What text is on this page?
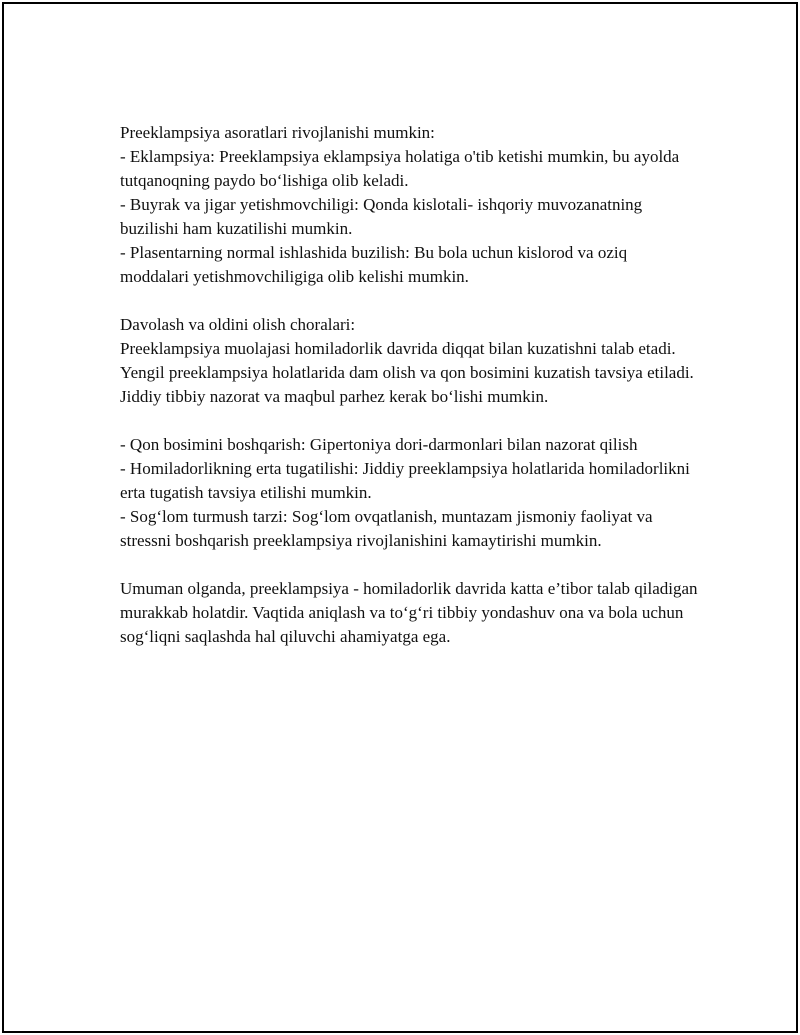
Preeklampsiya asoratlari rivojlanishi mumkin:

- Eklampsiya: Preeklampsiya eklampsiya holatiga o'tib ketishi mumkin, bu ayolda tutqanoqning paydo bo‘lishiga olib keladi.

- Buyrak va jigar yetishmovchiligi: Qonda kislotali- ishqoriy muvozanatning buzilishi ham kuzatilishi mumkin.

- Plasentarning normal ishlashida buzilish: Bu bola uchun kislorod va oziq moddalari yetishmovchiligiga olib kelishi mumkin.

Davolash va oldini olish choralari:

Preeklampsiya muolajasi homiladorlik davrida diqqat bilan kuzatishni talab etadi. Yengil preeklampsiya holatlarida dam olish va qon bosimini kuzatish tavsiya etiladi. Jiddiy tibbiy nazorat va maqbul parhez kerak bo‘lishi mumkin.

- Qon bosimini boshqarish: Gipertoniya dori-darmonlari bilan nazorat qilish

- Homiladorlikning erta tugatilishi: Jiddiy preeklampsiya holatlarida homiladorlikni erta tugatish tavsiya etilishi mumkin.

- Sog‘lom turmush tarzi: Sog‘lom ovqatlanish, muntazam jismoniy faoliyat va stressni boshqarish preeklampsiya rivojlanishini kamaytirishi mumkin.

Umuman olganda, preeklampsiya - homiladorlik davrida katta e’tibor talab qiladigan murakkab holatdir. Vaqtida aniqlash va to‘g‘ri tibbiy yondashuv ona va bola uchun sog‘liqni saqlashda hal qiluvchi ahamiyatga ega.
